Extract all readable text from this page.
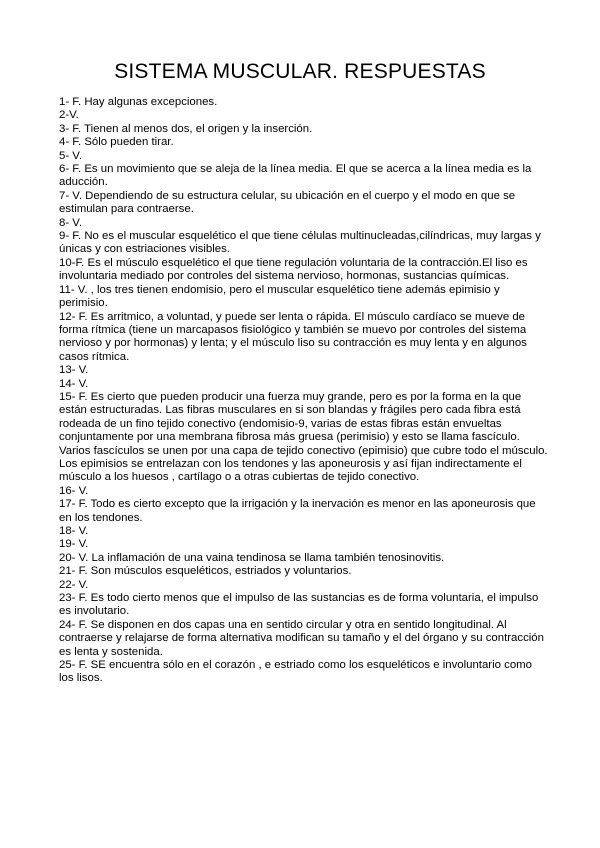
SISTEMA MUSCULAR. RESPUESTAS

1- F. Hay algunas excepciones.

2-V.

3- F. Tienen al menos dos, el origen y la inserción.

4- F. Sólo pueden tirar.

5- V.

6- F. Es un movimiento que se aleja de la línea media. El que se acerca a la línea media es la aducción.

7- V. Dependiendo de su estructura celular, su ubicación en el cuerpo y el modo en que se estimulan para contraerse.

8- V.

9- F. No es el muscular esquelético el que tiene células multinucleadas,cilíndricas, muy largas y únicas y con estriaciones visibles.

10-F. Es el músculo esquelético el que tiene regulación voluntaria de la contracción.El liso es involuntaria mediado por controles del sistema nervioso, hormonas, sustancias químicas.

11- V. , los tres tienen endomisio, pero el muscular esquelético tiene además epimisio y perimisio.

12- F. Es arritmico, a voluntad, y puede ser lenta o rápida. El músculo cardíaco se mueve de forma rítmica (tiene un marcapasos fisiológico y también se muevo por controles del sistema nervioso y por hormonas) y lenta; y el músculo liso su contracción es muy lenta y en algunos casos rítmica.

13- V.

14- V.

15- F. Es cierto que pueden producir una fuerza muy grande, pero es por la forma en la que están estructuradas. Las fibras musculares en si son blandas y frágiles pero cada fibra está rodeada de un fino tejido conectivo (endomisio-9, varias de estas fibras están envueltas conjuntamente por una membrana fibrosa más gruesa (perimisio) y esto se llama fascículo. Varios fascículos se unen por una capa de tejido conectivo (epimisio) que cubre todo el músculo. Los epimisios se entrelazan con los tendones y las aponeurosis y así fijan indirectamente el músculo a los huesos , cartílago o a otras cubiertas de tejido conectivo.

16- V.

17- F. Todo es cierto excepto que la irrigación y la inervación es menor en las aponeurosis que en los tendones.

18- V.

19- V.

20- V. La inflamación de una vaina tendinosa se llama también tenosinovitis.

21- F. Son músculos esqueléticos, estriados y voluntarios.

22- V.

23- F. Es todo cierto menos que el impulso de las sustancias es de forma voluntaria, el impulso es involutario.

24- F. Se disponen en dos capas una en sentido circular y otra en sentido longitudinal. Al contraerse y relajarse de forma alternativa modifican su tamaño y el del órgano y su contracción es lenta y sostenida.

25- F. SE encuentra sólo en el corazón , e estriado como los esqueléticos e involuntario como los lisos.
